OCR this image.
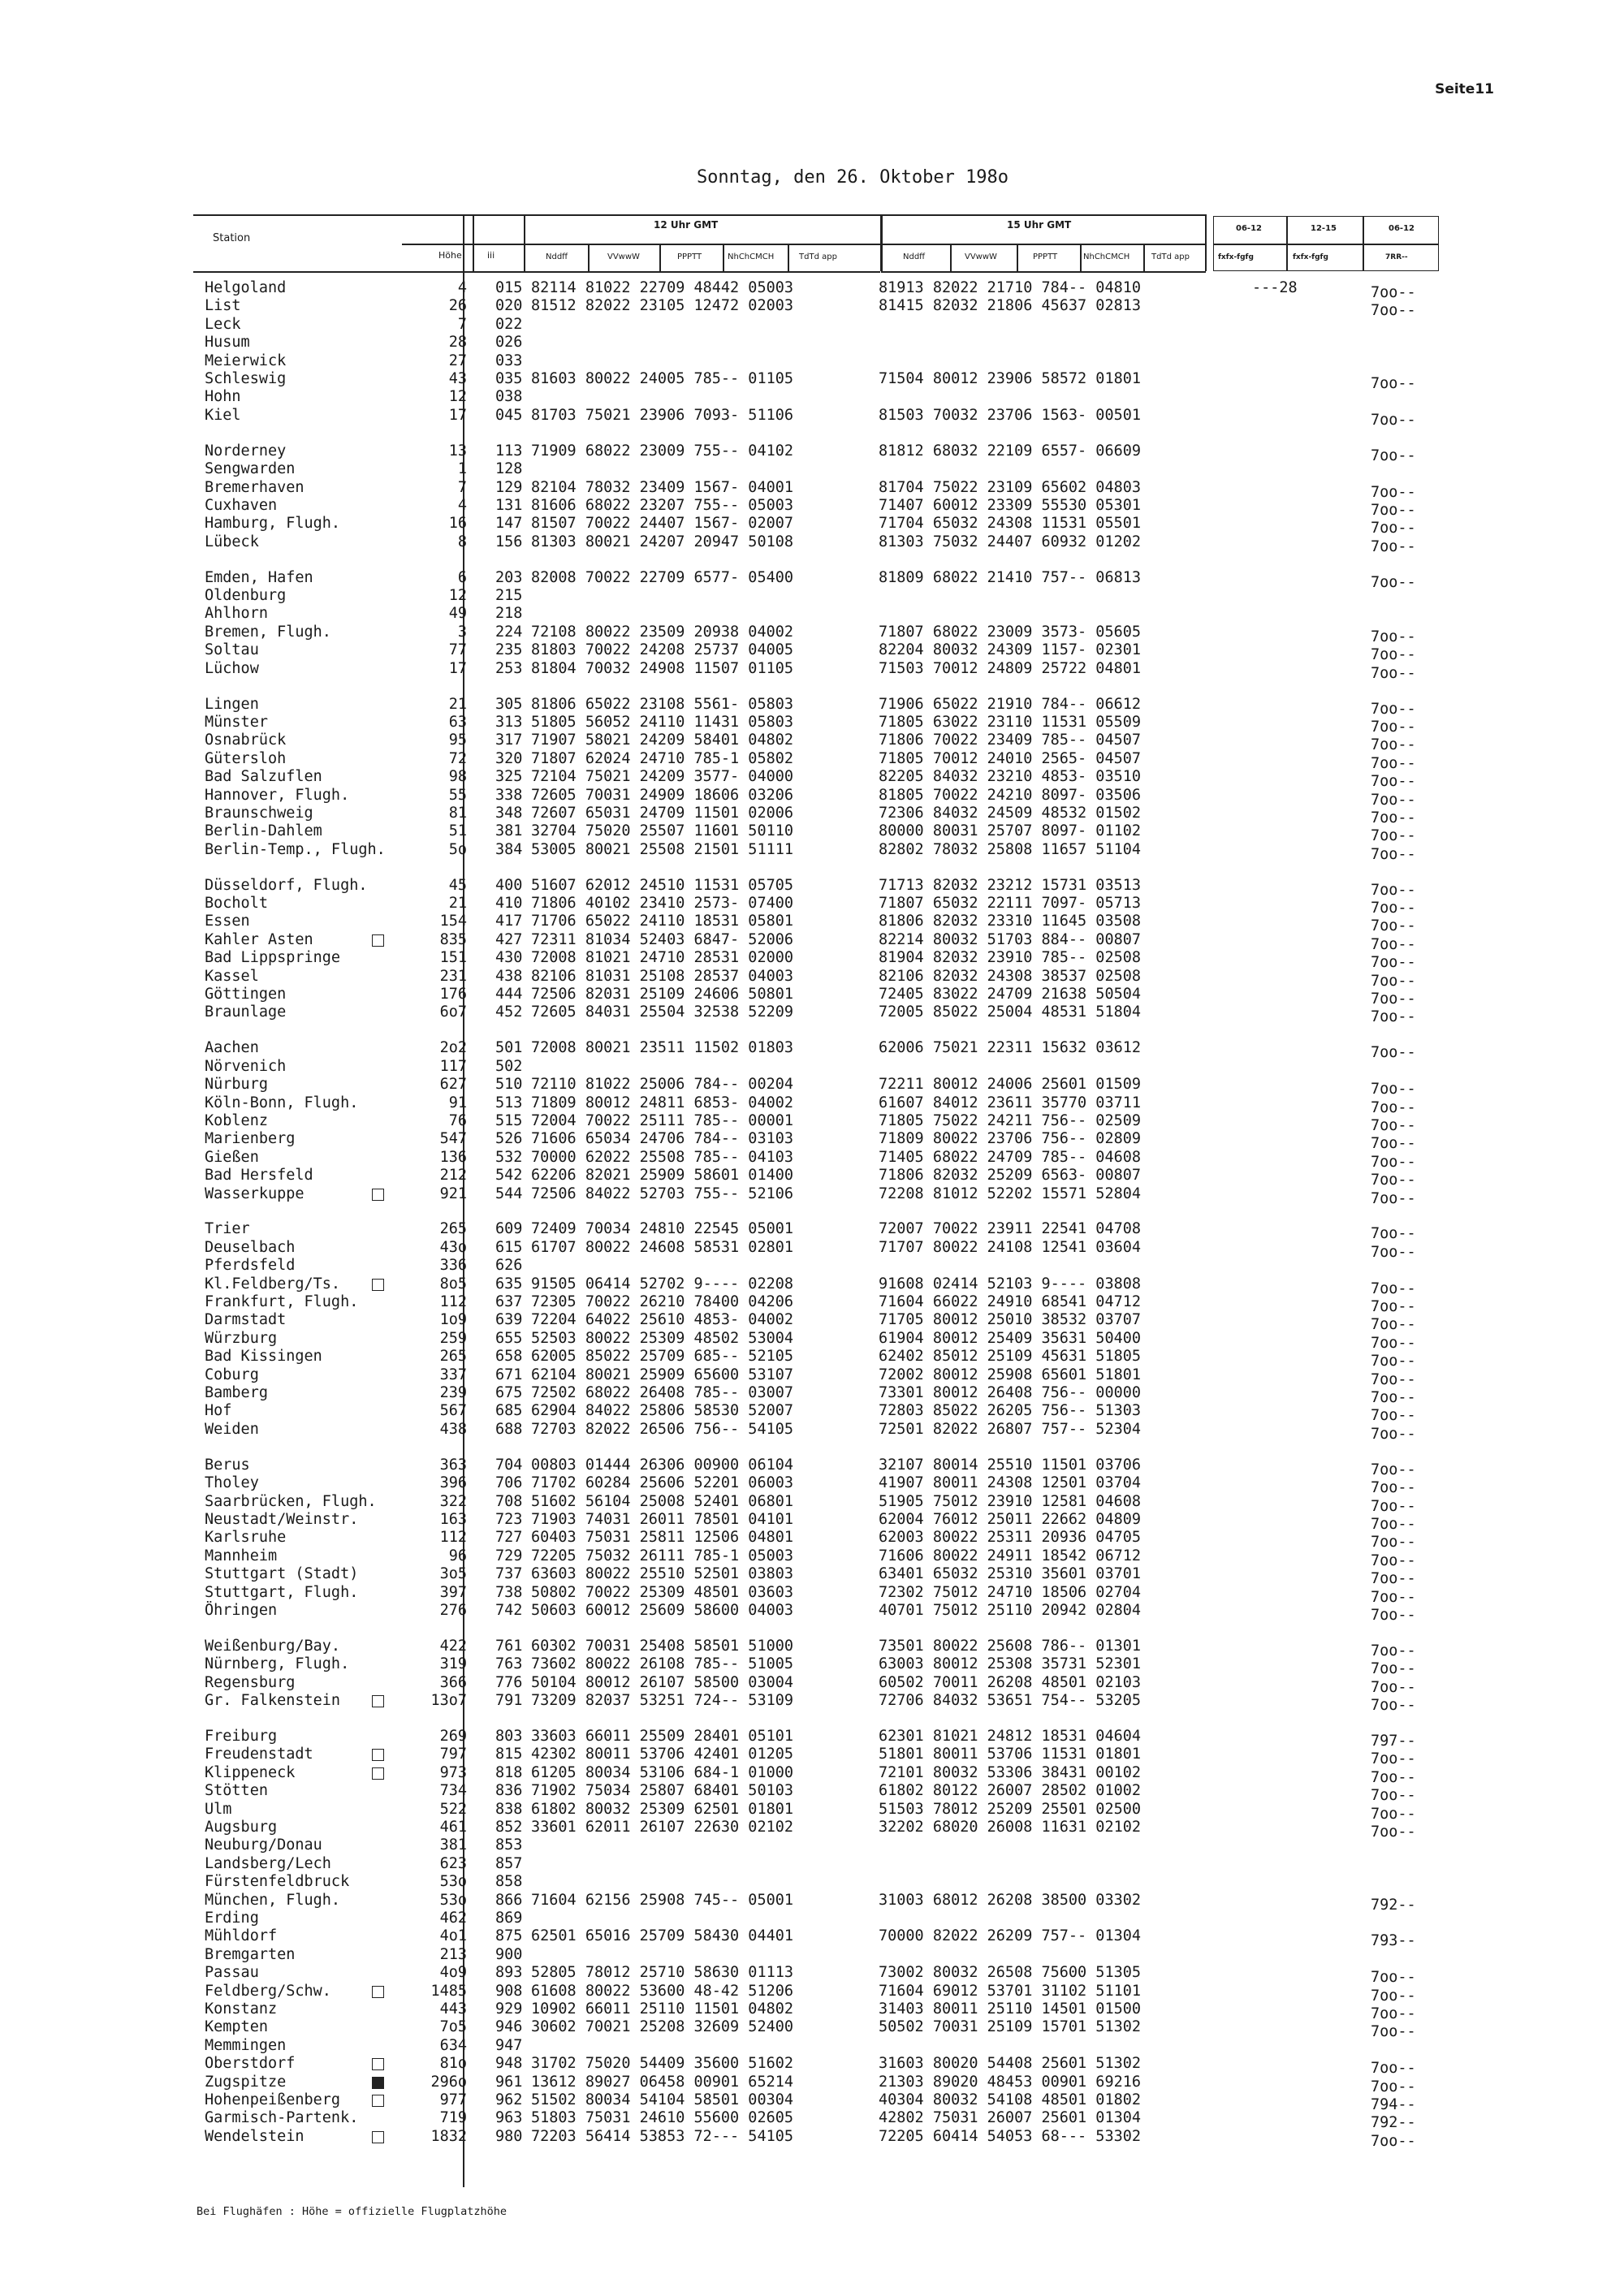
Seite11
Sonntag, den 26. Oktober 198o
Station
Höhe	iii
12 Uhr GMT	15 Uhr GMT
Nddff	VVwwW	PPPTT	NhChCMCH	TdTd app	Nddff	VVwwW	PPPTT	NhChCMCH	TdTd app
06-12	12-15	06-12
fxfx-fgfg	fxfx-fgfg	7RR--
Helgoland	4 015 82114 81022 22709 48442 05003	81913 82022 21710 784-- 04810	---28	7oo--
List	26 020 81512 82022 23105 12472 02003	81415 82032 21806 45637 02813	7oo--
Leck	7 022
Husum	28 026
Meierwick	27 033
Schleswig	43 035 81603 80022 24005 785-- 01105	71504 80012 23906 58572 01801	7oo--
Hohn	12 038
Kiel	17 045 81703 75021 23906 7093- 51106	81503 70032 23706 1563- 00501	7oo--
Norderney	13 113 71909 68022 23009 755-- 04102	81812 68032 22109 6557- 06609	7oo--
Sengwarden	1 128
Bremerhaven	7 129 82104 78032 23409 1567- 04001	81704 75022 23109 65602 04803	7oo--
Cuxhaven	4 131 81606 68022 23207 755-- 05003	71407 60012 23309 55530 05301	7oo--
Hamburg, Flugh.	16 147 81507 70022 24407 1567- 02007	71704 65032 24308 11531 05501	7oo--
Lübeck	8 156 81303 80021 24207 20947 50108	81303 75032 24407 60932 01202	7oo--
Emden, Hafen	6 203 82008 70022 22709 6577- 05400	81809 68022 21410 757-- 06813	7oo--
Oldenburg	12 215
Ahlhorn	49 218
Bremen, Flugh.	3 224 72108 80022 23509 20938 04002	71807 68022 23009 3573- 05605	7oo--
Soltau	77 235 81803 70022 24208 25737 04005	82204 80032 24309 1157- 02301	7oo--
Lüchow	17 253 81804 70032 24908 11507 01105	71503 70012 24809 25722 04801	7oo--
Lingen	21 305 81806 65022 23108 5561- 05803	71906 65022 21910 784-- 06612	7oo--
Münster	63 313 51805 56052 24110 11431 05803	71805 63022 23110 11531 05509	7oo--
Osnabrück	95 317 71907 58021 24209 58401 04802	71806 70022 23409 785-- 04507	7oo--
Gütersloh	72 320 71807 62024 24710 785-1 05802	71805 70012 24010 2565- 04507	7oo--
Bad Salzuflen	98 325 72104 75021 24209 3577- 04000	82205 84032 23210 4853- 03510	7oo--
Hannover, Flugh.	55 338 72605 70031 24909 18606 03206	81805 70022 24210 8097- 03506	7oo--
Braunschweig	81 348 72607 65031 24709 11501 02006	72306 84032 24509 48532 01502	7oo--
Berlin-Dahlem	51 381 32704 75020 25507 11601 50110	80000 80031 25707 8097- 01102	7oo--
Berlin-Temp., Flugh.	5o 384 53005 80021 25508 21501 51111	82802 78032 25808 11657 51104	7oo--
Düsseldorf, Flugh.	45 400 51607 62012 24510 11531 05705	71713 82032 23212 15731 03513	7oo--
Bocholt	21 410 71806 40102 23410 2573- 07400	71807 65032 22111 7097- 05713	7oo--
Essen	154 417 71706 65022 24110 18531 05801	81806 82032 23310 11645 03508	7oo--
Kahler Asten	835 427 72311 81034 52403 6847- 52006	82214 80032 51703 884-- 00807	7oo--
Bad Lippspringe	151 430 72008 81021 24710 28531 02000	81904 82032 23910 785-- 02508	7oo--
Kassel	231 438 82106 81031 25108 28537 04003	82106 82032 24308 38537 02508	7oo--
Göttingen	176 444 72506 82031 25109 24606 50801	72405 83022 24709 21638 50504	7oo--
Braunlage	6o7 452 72605 84031 25504 32538 52209	72005 85022 25004 48531 51804	7oo--
Aachen	2o2 501 72008 80021 23511 11502 01803	62006 75021 22311 15632 03612	7oo--
Nörvenich	117 502
Nürburg	627 510 72110 81022 25006 784-- 00204	72211 80012 24006 25601 01509	7oo--
Köln-Bonn, Flugh.	91 513 71809 80012 24811 6853- 04002	61607 84012 23611 35770 03711	7oo--
Koblenz	76 515 72004 70022 25111 785-- 00001	71805 75022 24211 756-- 02509	7oo--
Marienberg	547 526 71606 65034 24706 784-- 03103	71809 80022 23706 756-- 02809	7oo--
Gießen	136 532 70000 62022 25508 785-- 04103	71405 68022 24709 785-- 04608	7oo--
Bad Hersfeld	212 542 62206 82021 25909 58601 01400	71806 82032 25209 6563- 00807	7oo--
Wasserkuppe	921 544 72506 84022 52703 755-- 52106	72208 81012 52202 15571 52804	7oo--
Trier	265 609 72409 70034 24810 22545 05001	72007 70022 23911 22541 04708	7oo--
Deuselbach	43o 615 61707 80022 24608 58531 02801	71707 80022 24108 12541 03604	7oo--
Pferdsfeld	336 626
Kl.Feldberg/Ts.	8o5 635 91505 06414 52702 9---- 02208	91608 02414 52103 9---- 03808	7oo--
Frankfurt, Flugh.	112 637 72305 70022 26210 78400 04206	71604 66022 24910 68541 04712	7oo--
Darmstadt	1o9 639 72204 64022 25610 4853- 04002	71705 80012 25010 38532 03707	7oo--
Würzburg	259 655 52503 80022 25309 48502 53004	61904 80012 25409 35631 50400	7oo--
Bad Kissingen	265 658 62005 85022 25709 685-- 52105	62402 85012 25109 45631 51805	7oo--
Coburg	337 671 62104 80021 25909 65600 53107	72002 80012 25908 65601 51801	7oo--
Bamberg	239 675 72502 68022 26408 785-- 03007	73301 80012 26408 756-- 00000	7oo--
Hof	567 685 62904 84022 25806 58530 52007	72803 85022 26205 756-- 51303	7oo--
Weiden	438 688 72703 82022 26506 756-- 54105	72501 82022 26807 757-- 52304	7oo--
Berus	363 704 00803 01444 26306 00900 06104	32107 80014 25510 11501 03706	7oo--
Tholey	396 706 71702 60284 25606 52201 06003	41907 80011 24308 12501 03704	7oo--
Saarbrücken, Flugh.	322 708 51602 56104 25008 52401 06801	51905 75012 23910 12581 04608	7oo--
Neustadt/Weinstr.	163 723 71903 74031 26011 78501 04101	62004 76012 25011 22662 04809	7oo--
Karlsruhe	112 727 60403 75031 25811 12506 04801	62003 80022 25311 20936 04705	7oo--
Mannheim	96 729 72205 75032 26111 785-1 05003	71606 80022 24911 18542 06712	7oo--
Stuttgart (Stadt)	3o5 737 63603 80022 25510 52501 03803	63401 65032 25310 35601 03701	7oo--
Stuttgart, Flugh.	397 738 50802 70022 25309 48501 03603	72302 75012 24710 18506 02704	7oo--
Öhringen	276 742 50603 60012 25609 58600 04003	40701 75012 25110 20942 02804	7oo--
Weißenburg/Bay.	422 761 60302 70031 25408 58501 51000	73501 80022 25608 786-- 01301	7oo--
Nürnberg, Flugh.	319 763 73602 80022 26108 785-- 51005	63003 80012 25308 35731 52301	7oo--
Regensburg	366 776 50104 80012 26107 58500 03004	60502 70011 26208 48501 02103	7oo--
Gr. Falkenstein	13o7 791 73209 82037 53251 724-- 53109	72706 84032 53651 754-- 53205	7oo--
Freiburg	269 803 33603 66011 25509 28401 05101	62301 81021 24812 18531 04604	797--
Freudenstadt	797 815 42302 80011 53706 42401 01205	51801 80011 53706 11531 01801	7oo--
Klippeneck	973 818 61205 80034 53106 684-1 01000	72101 80032 53306 38431 00102	7oo--
Stötten	734 836 71902 75034 25807 68401 50103	61802 80122 26007 28502 01002	7oo--
Ulm	522 838 61802 80032 25309 62501 01801	51503 78012 25209 25501 02500	7oo--
Augsburg	461 852 33601 62011 26107 22630 02102	32202 68020 26008 11631 02102	7oo--
Neuburg/Donau	381 853
Landsberg/Lech	623 857
Fürstenfeldbruck	53o 858
München, Flugh.	53o 866 71604 62156 25908 745-- 05001	31003 68012 26208 38500 03302	792--
Erding	462 869
Mühldorf	4o1 875 62501 65016 25709 58430 04401	70000 82022 26209 757-- 01304	793--
Bremgarten	213 900
Passau	4o9 893 52805 78012 25710 58630 01113	73002 80032 26508 75600 51305	7oo--
Feldberg/Schw.	1485 908 61608 80022 53600 48-42 51206	71604 69012 53701 31102 51101	7oo--
Konstanz	443 929 10902 66011 25110 11501 04802	31403 80011 25110 14501 01500	7oo--
Kempten	7o5 946 30602 70021 25208 32609 52400	50502 70031 25109 15701 51302	7oo--
Memmingen	634 947
Oberstdorf	81o 948 31702 75020 54409 35600 51602	31603 80020 54408 25601 51302	7oo--
Zugspitze	296o 961 13612 89027 06458 00901 65214	21303 89020 48453 00901 69216	7oo--
Hohenpeißenberg	977 962 51502 80034 54104 58501 00304	40304 80032 54108 48501 01802	794--
Garmisch-Partenk.	719 963 51803 75031 24610 55600 02605	42802 75031 26007 25601 01304	792--
Wendelstein	1832 980 72203 56414 53853 72--- 54105	72205 60414 54053 68--- 53302	7oo--
Bei Flughäfen : Höhe = offizielle Flugplatzhöhe
